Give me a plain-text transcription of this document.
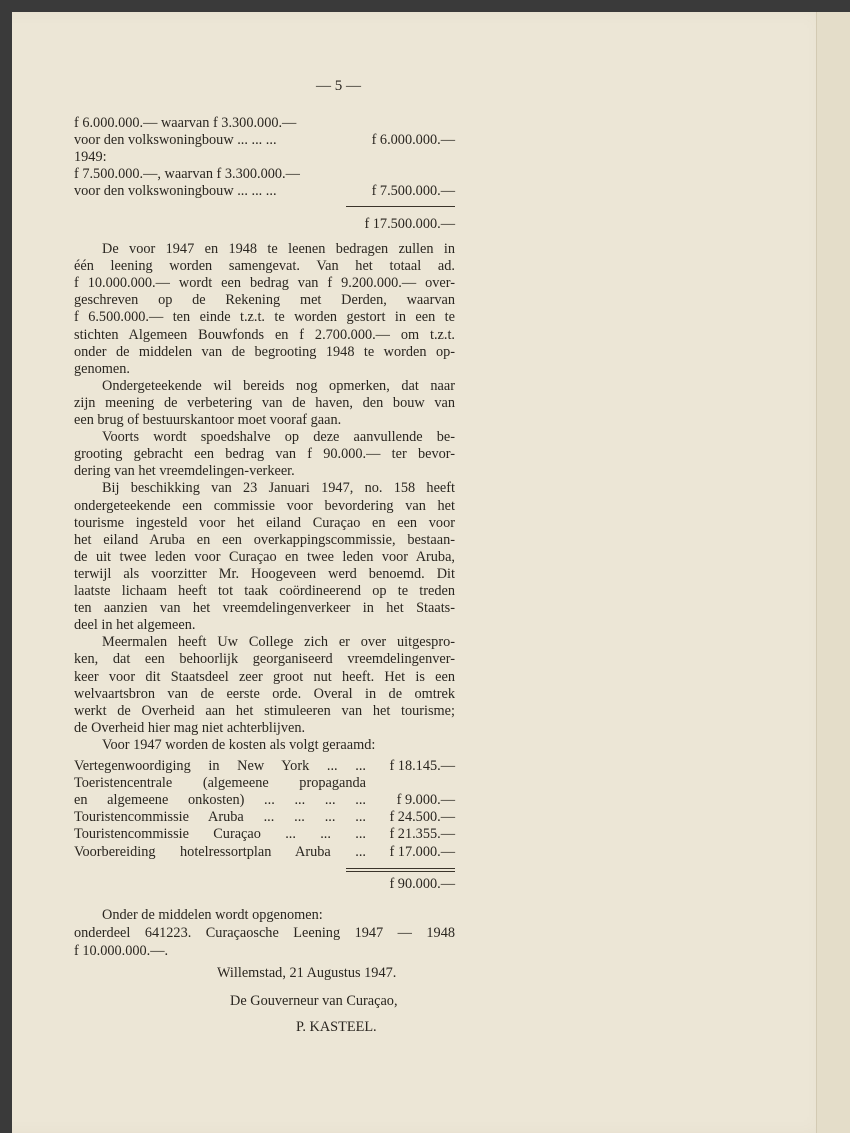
— 5 —
f 6.000.000.— waarvan f 3.300.000.—
voor den volkswoningbouw ... ... ...	f 6.000.000.—
1949:
f 7.500.000.—, waarvan f 3.300.000.—
voor den volkswoningbouw ... ... ...	f 7.500.000.—
f 17.500.000.—
De voor 1947 en 1948 te leenen bedragen zullen in
één leening worden samengevat. Van het totaal ad.
f 10.000.000.— wordt een bedrag van f 9.200.000.— over-
geschreven op de Rekening met Derden, waarvan
f 6.500.000.— ten einde t.z.t. te worden gestort in een te
stichten Algemeen Bouwfonds en f 2.700.000.— om t.z.t.
onder de middelen van de begrooting 1948 te worden op-
genomen.
Ondergeteekende wil bereids nog opmerken, dat naar
zijn meening de verbetering van de haven, den bouw van
een brug of bestuurskantoor moet vooraf gaan.
Voorts wordt spoedshalve op deze aanvullende be-
grooting gebracht een bedrag van f 90.000.— ter bevor-
dering van het vreemdelingen-verkeer.
Bij beschikking van 23 Januari 1947, no. 158 heeft
ondergeteekende een commissie voor bevordering van het
tourisme ingesteld voor het eiland Curaçao en een voor
het eiland Aruba en een overkappingscommissie, bestaan-
de uit twee leden voor Curaçao en twee leden voor Aruba,
terwijl als voorzitter Mr. Hoogeveen werd benoemd. Dit
laatste lichaam heeft tot taak coördineerend op te treden
ten aanzien van het vreemdelingenverkeer in het Staats-
deel in het algemeen.
Meermalen heeft Uw College zich er over uitgespro-
ken, dat een behoorlijk georganiseerd vreemdelingenver-
keer voor dit Staatsdeel zeer groot nut heeft. Het is een
welvaartsbron van de eerste orde. Overal in de omtrek
werkt de Overheid aan het stimuleeren van het tourisme;
de Overheid hier mag niet achterblijven.
Voor 1947 worden de kosten als volgt geraamd:
Vertegenwoordiging in New York ... ... f 18.145.—
Toeristencentrale (algemeene propaganda
en algemeene onkosten) ... ... ... ... f 9.000.—
Touristencommissie Aruba ... ... ... ... f 24.500.—
Touristencommissie Curaçao ... ... ... f 21.355.—
Voorbereiding hotelressortplan Aruba ... f 17.000.—
f 90.000.—
Onder de middelen wordt opgenomen:
onderdeel 641223. Curaçaosche Leening 1947 — 1948
f 10.000.000.—.
Willemstad, 21 Augustus 1947.
De Gouverneur van Curaçao,
P. KASTEEL.
